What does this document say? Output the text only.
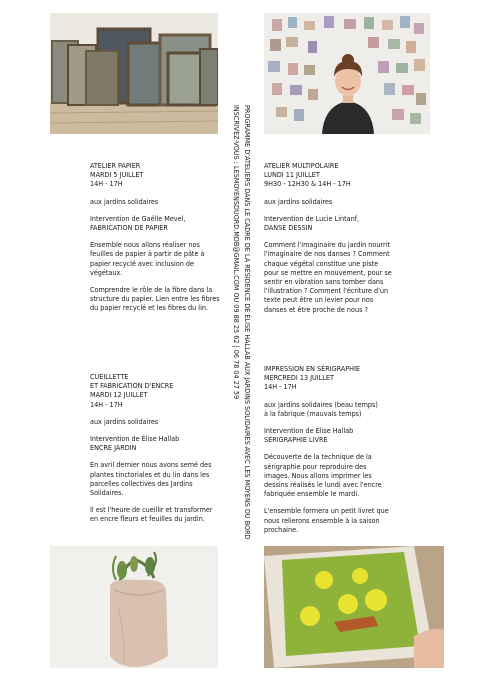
ATELIER PAPIER
MARDI 5 JUILLET
14H - 17H

aux jardins solidaires

Intervention de Gaëlle Mevel,
FABRICATION DE PAPIER

Ensemble nous allons réaliser nos feuilles de papier à partir de pâte à papier recyclé avec inclusion de végétaux.

Comprendre le rôle de la fibre dans la structure du papier. Lien entre les fibres du papier recyclé et les fibres du lin.

ATELIER MULTIPOLAIRE
LUNDI 11 JUILLET
9H30 - 12H30 & 14H - 17H

aux jardins solidaires

Intervention de Lucie Lintanf,
DANSE DESSIN

Comment l'imaginaire du jardin nourrit l'imaginaire de nos danses ? Comment chaque végétal constitue une piste pour se mettre en mouvement, pour se sentir en vibration sans tomber dans l'illustration ? Comment l'écriture d'un texte peut être un levier pour nos danses et être proche de nous ?

CUEILLETTE
ET FABRICATION D'ENCRE
MARDI 12 JUILLET
14H - 17H

aux jardins solidaires

Intervention de Élise Hallab
ENCRE JARDIN

En avril dernier nous avons semé des plantes tinctoriales et du lin dans les parcelles collectives des Jardins Solidaires.

Il est l'heure de cueillir et transformer en encre fleurs et feuilles du jardin.

IMPRESSION EN SÉRIGRAPHIE
MERCREDI 13 JUILLET
14H - 17H

aux jardins solidaires (beau temps)
à la fabrique (mauvais temps)

Intervention de Élise Hallab
SÉRIGRAPHIE LIVRE

Découverte de la technique de la sérigraphie pour reproduire des images. Nous allons imprimer les dessins réalisés le lundi avec l'encre fabriquée ensemble le mardi.

L'ensemble formera un petit livret que nous relierons ensemble à la saison prochaine.

PROGRAMME D'ATELIERS DANS LE CADRE DE LA RÉSIDENCE DE ÉLISE HALLAB AUX JARDINS SOLIDAIRES AVEC LES MOYENS DU BORD
INSCRIVEZ-VOUS : LESMOYENSDUORD.MDB@GMAIL.COM OU 09 88 25 62 | 06 78 04 27 59
